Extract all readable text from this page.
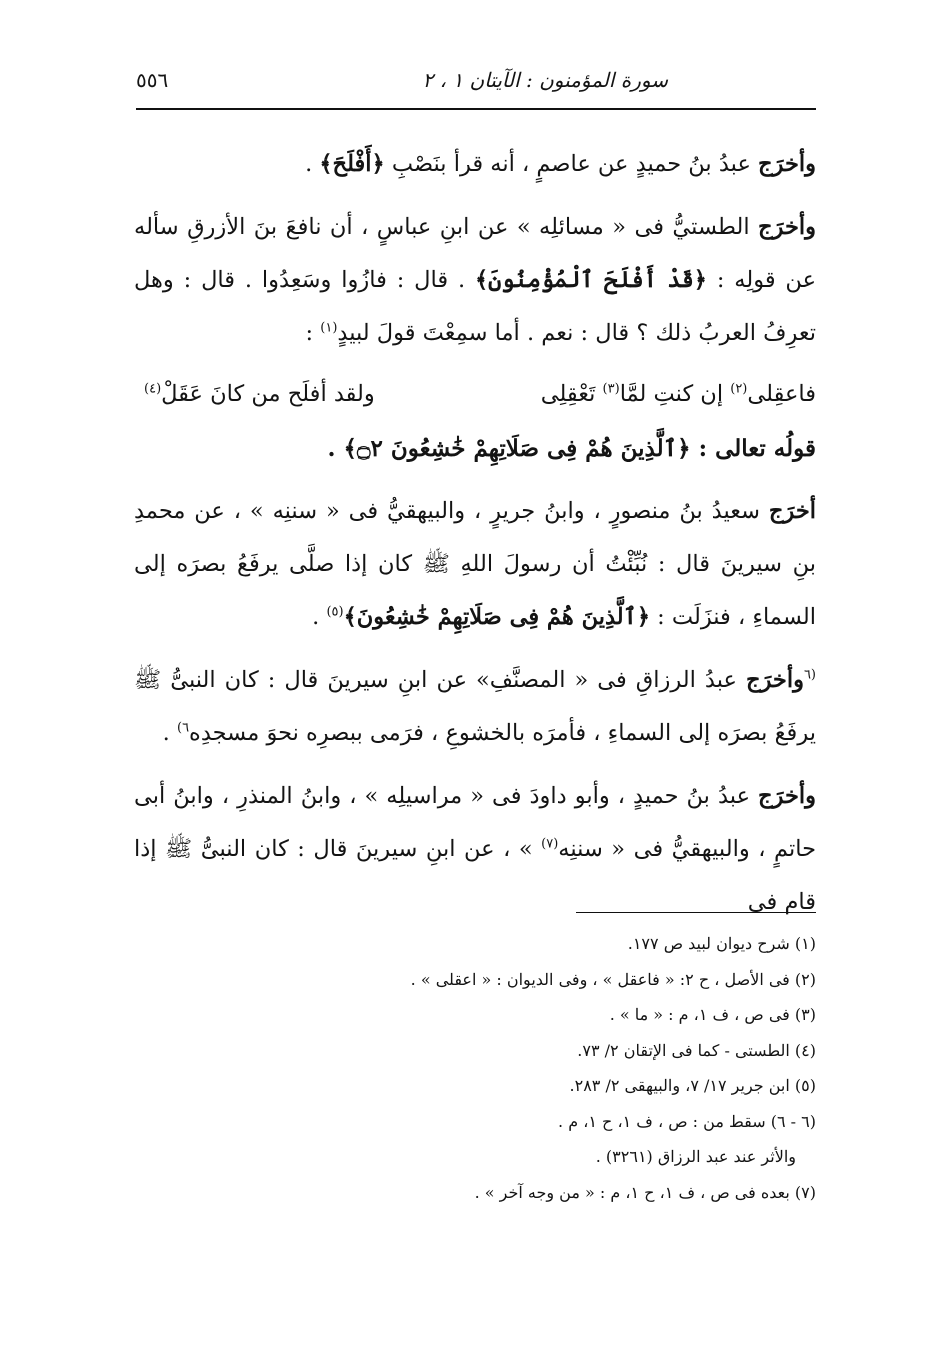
سورة المؤمنون : الآيتان ١ ، ٢
٥٥٦

وأخرَج عبدُ بنُ حميدٍ عن عاصمٍ ، أنه قرأ بنَصْبِ ﴿أَفْلَحَ﴾ .

وأخرَج الطستيُّ فى « مسائلِه » عن ابنِ عباسٍ ، أن نافعَ بنَ الأزرقِ سأله عن قولِه : ﴿قَدْ أَفْلَحَ ٱلْمُؤْمِنُونَ﴾ . قال : فازُوا وسَعِدُوا . قال : وهل تعرِفُ العربُ ذلك ؟ قال : نعم . أما سمِعْتَ قولَ لبيدٍ$^{(١)}$ :

فاعقِلى$^{(٢)}$ إن كنتِ لمَّا$^{(٣)}$ تَعْقِلِى
ولقد أفلَح من كانَ عَقَلْ$^{(٤)}$

قولُه تعالى : ﴿ٱلَّذِينَ هُمْ فِى صَلَاتِهِمْ خَٰشِعُونَ ۝٢﴾ .

أخرَج سعيدُ بنُ منصورٍ ، وابنُ جريرٍ ، والبيهقيُّ فى « سننِه » ، عن محمدِ بنِ سيرينَ قال : نُبِّئْتُ أن رسولَ اللهِ ﷺ كان إذا صلَّى يرفَعُ بصرَه إلى السماءِ ، فنزَلَت : ﴿ٱلَّذِينَ هُمْ فِى صَلَاتِهِمْ خَٰشِعُونَ﴾$^{(٥)}$ .

$^{(٦}$وأخرَج عبدُ الرزاقِ فى « المصنَّفِ» عن ابنِ سيرينَ قال : كان النبىُّ ﷺ يرفَعُ بصرَه إلى السماءِ ، فأمرَه بالخشوعِ ، فرَمى ببصرِه نحوَ مسجدِه$^{٦)}$ .

وأخرَج عبدُ بنُ حميدٍ ، وأبو داودَ فى « مراسيلِه » ، وابنُ المنذرِ ، وابنُ أبى حاتمٍ ، والبيهقيُّ فى « سننِه$^{(٧)}$ » ، عن ابنِ سيرينَ قال : كان النبىُّ ﷺ إذا قام فى

(١) شرح ديوان لبيد ص ١٧٧.

(٢) فى الأصل ، ح ٢: « فاعقل » ، وفى الديوان : « اعقلى » .

(٣) فى ص ، ف ١، م : « ما » .

(٤) الطستى - كما فى الإتقان ٢/ ٧٣.

(٥) ابن جرير ١٧/ ٧، والبيهقى ٢/ ٢٨٣.

(٦ - ٦) سقط من : ص ، ف ١، ح ١، م .

والأثر عند عبد الرزاق (٣٢٦١) .

(٧) بعده فى ص ، ف ١، ح ١، م : « من وجه آخر » .
